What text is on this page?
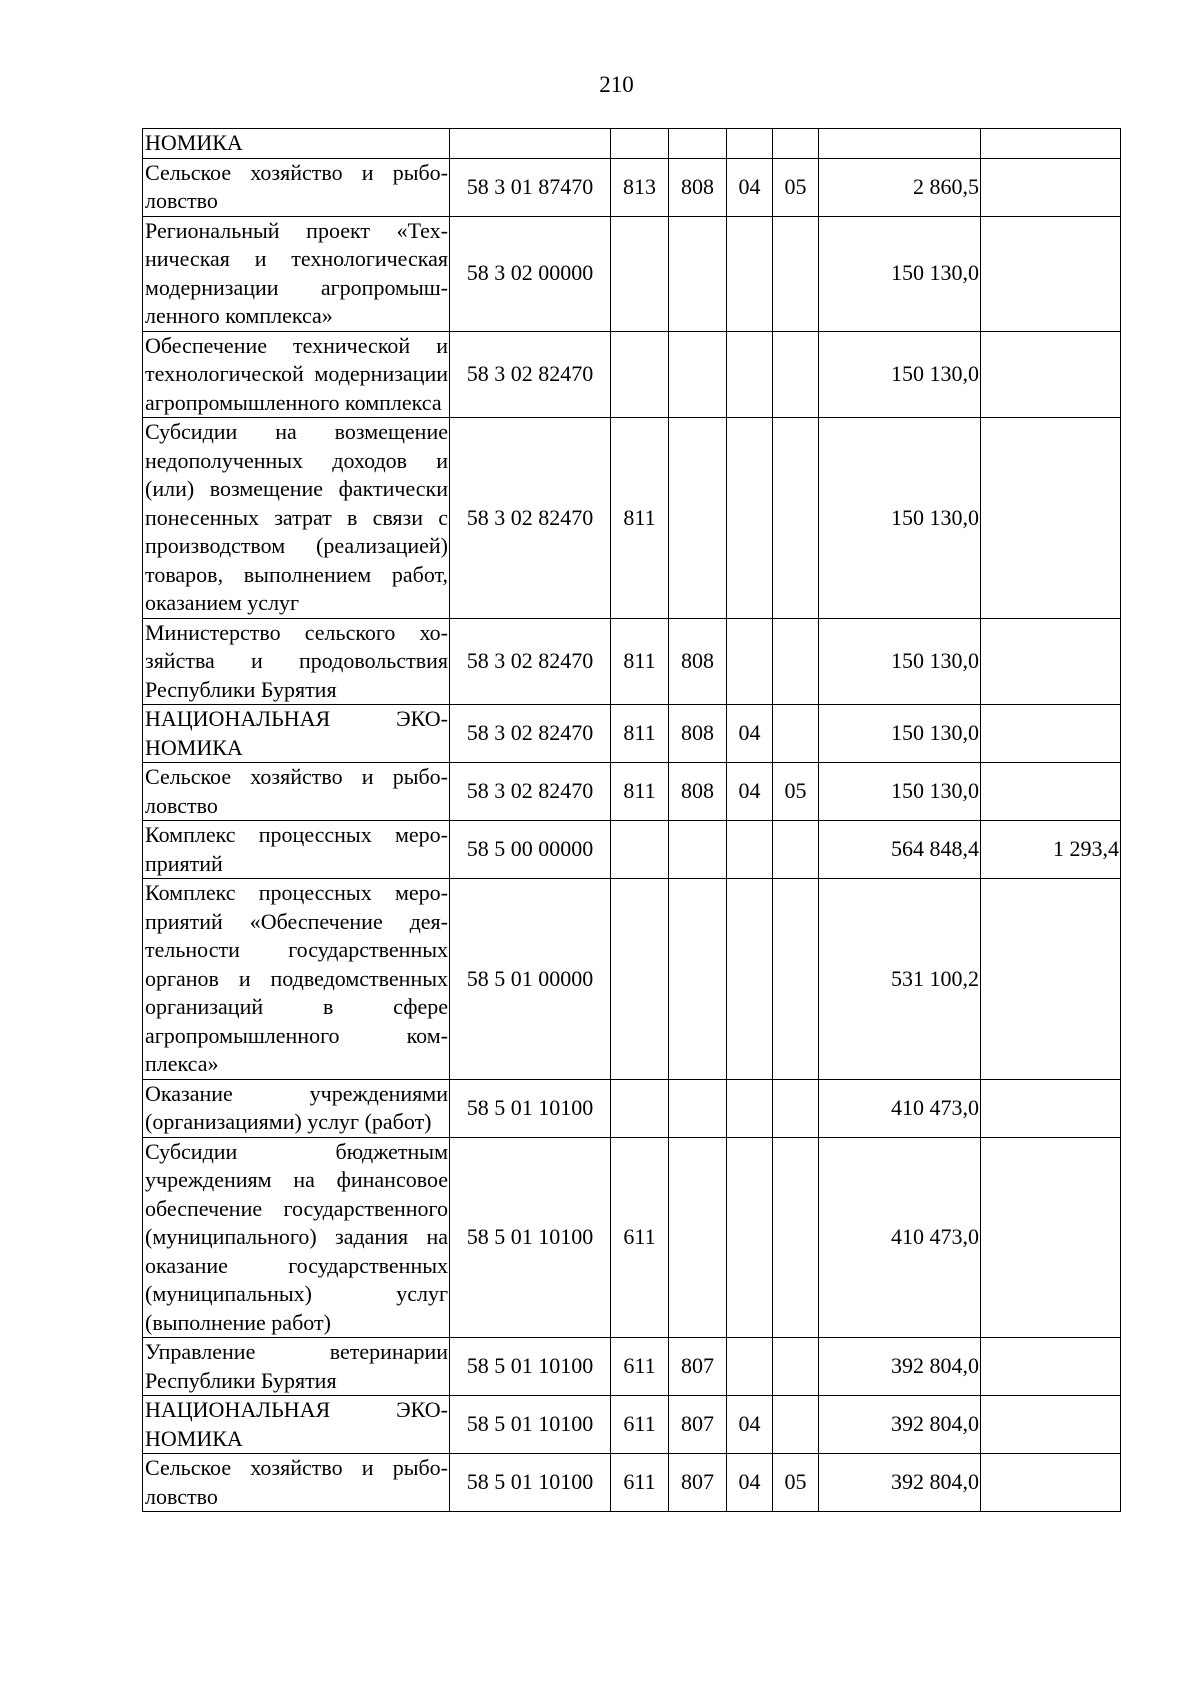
210
НОМИКА							
Сельское хозяйство и рыболовство	58 3 01 87470	813	808	04	05	2 860,5	
Региональный проект «Техническая и технологическая модернизации агропромышленного комплекса»	58 3 02 00000					150 130,0	
Обеспечение технической и технологической модернизации агропромышленного комплекса	58 3 02 82470					150 130,0	
Субсидии на возмещение недополученных доходов и (или) возмещение фактически понесенных затрат в связи с производством (реализацией) товаров, выполнением работ, оказанием услуг	58 3 02 82470	811				150 130,0	
Министерство сельского хозяйства и продовольствия Республики Бурятия	58 3 02 82470	811	808			150 130,0	
НАЦИОНАЛЬНАЯ ЭКОНОМИКА	58 3 02 82470	811	808	04		150 130,0	
Сельское хозяйство и рыболовство	58 3 02 82470	811	808	04	05	150 130,0	
Комплекс процессных мероприятий	58 5 00 00000					564 848,4	1 293,4
Комплекс процессных мероприятий «Обеспечение деятельности государственных органов и подведомственных организаций в сфере агропромышленного комплекса»	58 5 01 00000					531 100,2	
Оказание учреждениями (организациями) услуг (работ)	58 5 01 10100					410 473,0	
Субсидии бюджетным учреждениям на финансовое обеспечение государственного (муниципального) задания на оказание государственных (муниципальных) услуг (выполнение работ)	58 5 01 10100	611				410 473,0	
Управление ветеринарии Республики Бурятия	58 5 01 10100	611	807			392 804,0	
НАЦИОНАЛЬНАЯ ЭКОНОМИКА	58 5 01 10100	611	807	04		392 804,0	
Сельское хозяйство и рыболовство	58 5 01 10100	611	807	04	05	392 804,0	
